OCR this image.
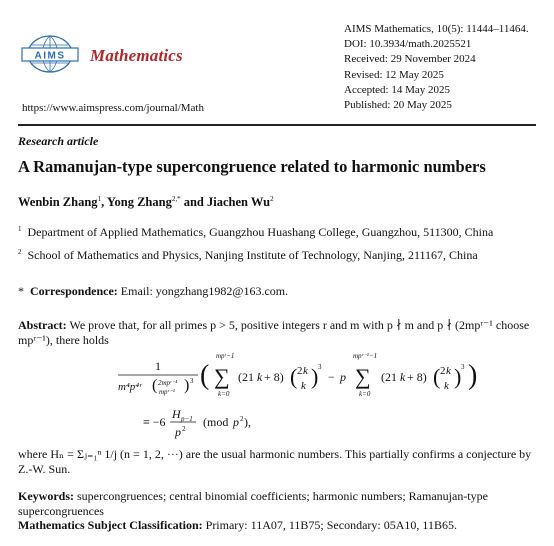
AIMS Mathematics
https://www.aimspress.com/journal/Math
AIMS Mathematics, 10(5): 11444–11464.
DOI: 10.3934/math.2025521
Received: 29 November 2024
Revised: 12 May 2025
Accepted: 14 May 2025
Published: 20 May 2025
Research article
A Ramanujan-type supercongruence related to harmonic numbers
Wenbin Zhang$^1$, Yong Zhang$^{2,*}$ and Jiachen Wu$^2$
$^1$ Department of Applied Mathematics, Guangzhou Huashang College, Guangzhou, 511300, China
$^2$ School of Mathematics and Physics, Nanjing Institute of Technology, Nanjing, 211167, China
* Correspondence: Email: yongzhang1982@163.com.
Abstract: We prove that, for all primes p > 5, positive integers r and m with p ∤ m and p ∤ (2mpʳ⁻¹ choose mpʳ⁻¹), there holds
1
m⁴p⁴ʳ ( 2mpʳ⁻¹
mpʳ⁻¹ ) 3 (
mpʳ−1
∑
k=0
(21 k + 8) ( 2 k
k ) 3
− p
mpʳ⁻¹−1
∑
k=0
(21 k + 8) ( 2 k
k ) 3 )
≡ −6
H p−1
p 2 (mod p 2 ),
where Hₙ = Σⱼ₌₁ⁿ 1/j (n = 1, 2, ···) are the usual harmonic numbers. This partially confirms a conjecture by Z.-W. Sun.
Keywords: supercongruences; central binomial coefficients; harmonic numbers; Ramanujan-type supercongruences
Mathematics Subject Classification: Primary: 11A07, 11B75; Secondary: 05A10, 11B65.
